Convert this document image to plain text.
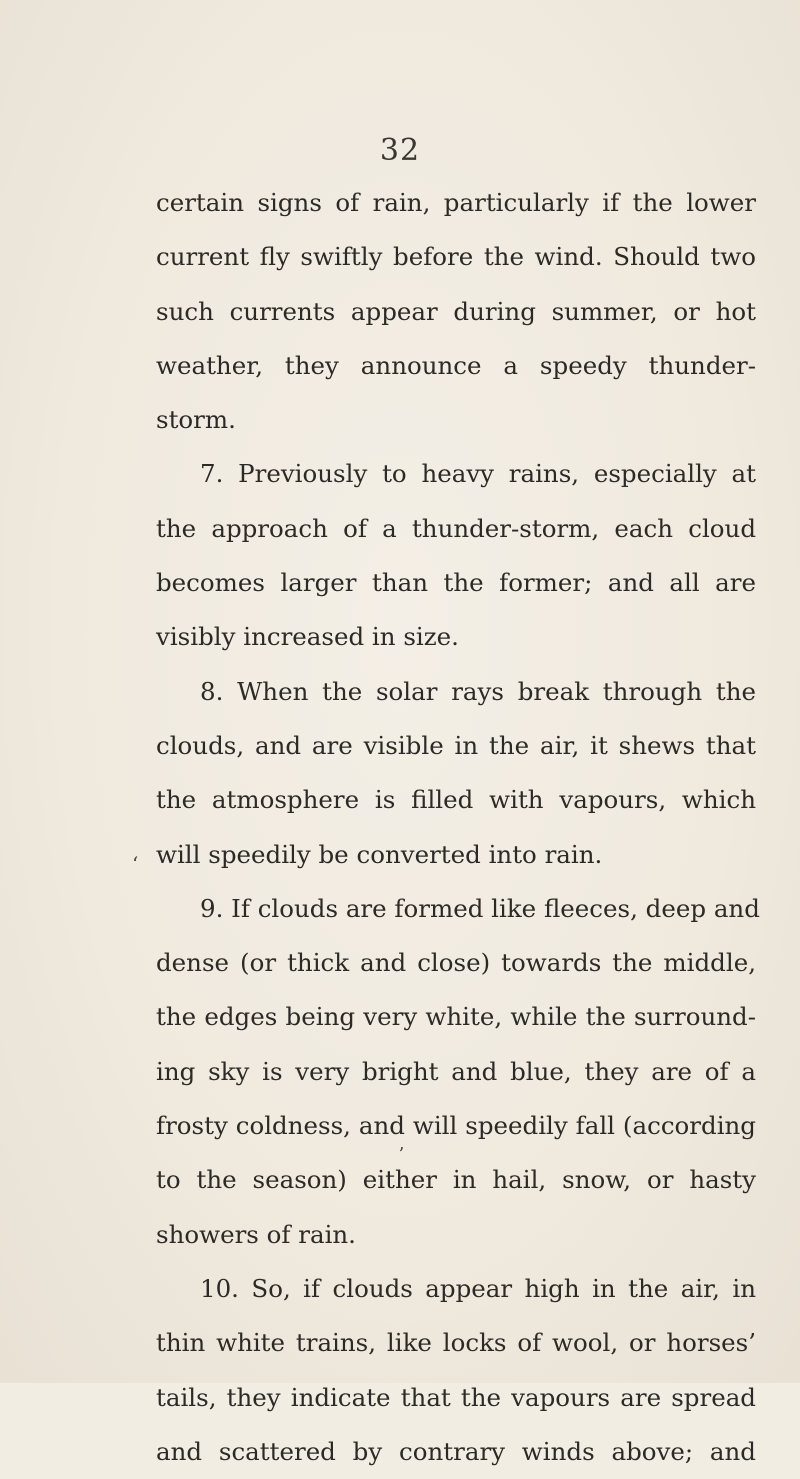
32
certain signs of rain, particularly if the lower
current fly swiftly before the wind. Should two
such currents appear during summer, or hot
weather, they announce a speedy thunder-
storm.
7. Previously to heavy rains, especially at
the approach of a thunder-storm, each cloud
becomes larger than the former; and all are
visibly increased in size.
8. When the solar rays break through the
clouds, and are visible in the air, it shews that
the atmosphere is filled with vapours, which
will speedily be converted into rain.
9. If clouds are formed like fleeces, deep and
dense (or thick and close) towards the middle,
the edges being very white, while the surround-
ing sky is very bright and blue, they are of a
frosty coldness, and will speedily fall (according
to the season) either in hail, snow, or hasty
showers of rain.
10. So, if clouds appear high in the air, in
thin white trains, like locks of wool, or horses’
tails, they indicate that the vapours are spread
and scattered by contrary winds above; and
ʻ
ʼ
